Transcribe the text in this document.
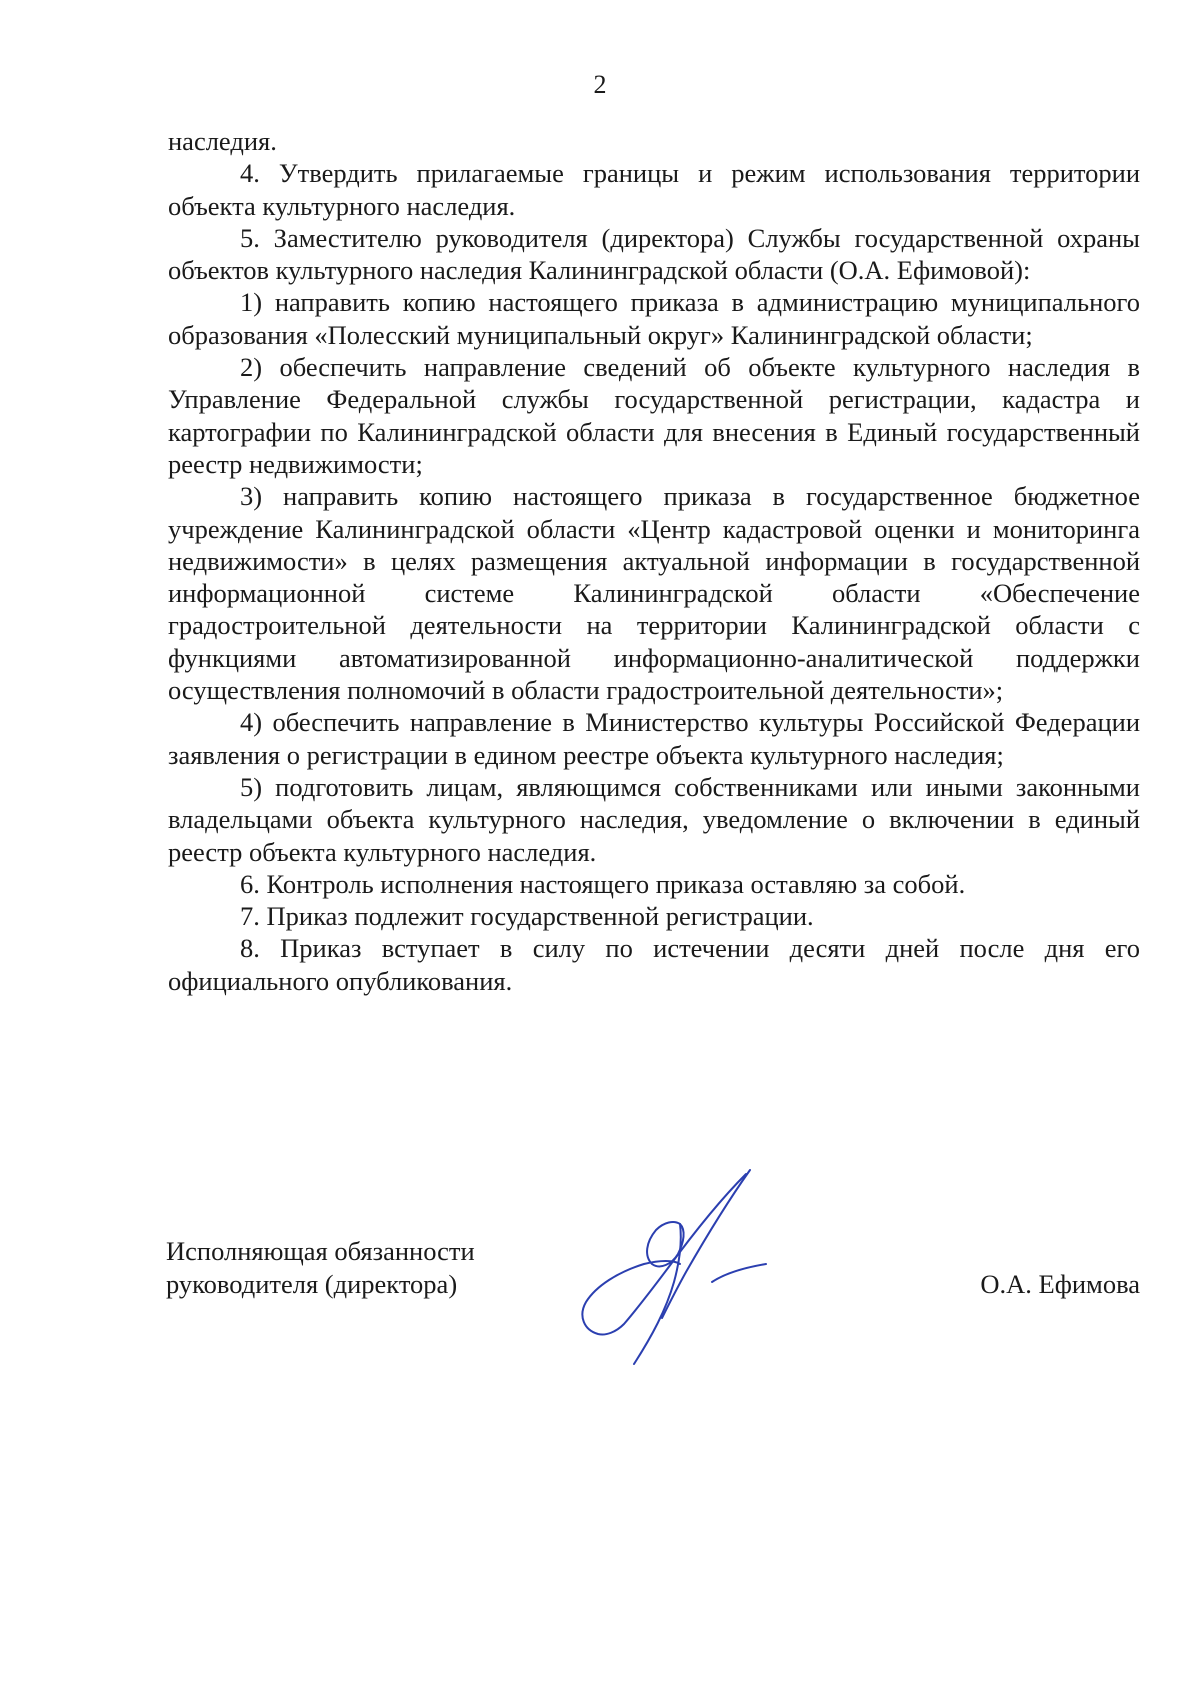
2

наследия.

4. Утвердить прилагаемые границы и режим использования территории объекта культурного наследия.

5. Заместителю руководителя (директора) Службы государственной охраны объектов культурного наследия Калининградской области (О.А. Ефимовой):

1) направить копию настоящего приказа в администрацию муниципального образования «Полесский муниципальный округ» Калининградской области;

2) обеспечить направление сведений об объекте культурного наследия в Управление Федеральной службы государственной регистрации, кадастра и картографии по Калининградской области для внесения в Единый государственный реестр недвижимости;

3) направить копию настоящего приказа в государственное бюджетное учреждение Калининградской области «Центр кадастровой оценки и мониторинга недвижимости» в целях размещения актуальной информации в государственной информационной системе Калининградской области «Обеспечение градостроительной деятельности на территории Калининградской области с функциями автоматизированной информационно-аналитической поддержки осуществления полномочий в области градостроительной деятельности»;

4) обеспечить направление в Министерство культуры Российской Федерации заявления о регистрации в едином реестре объекта культурного наследия;

5) подготовить лицам, являющимся собственниками или иными законными владельцами объекта культурного наследия, уведомление о включении в единый реестр объекта культурного наследия.

6. Контроль исполнения настоящего приказа оставляю за собой.

7. Приказ подлежит государственной регистрации.

8. Приказ вступает в силу по истечении десяти дней после дня его официального опубликования.

Исполняющая обязанности
руководителя (директора)	О.А. Ефимова
